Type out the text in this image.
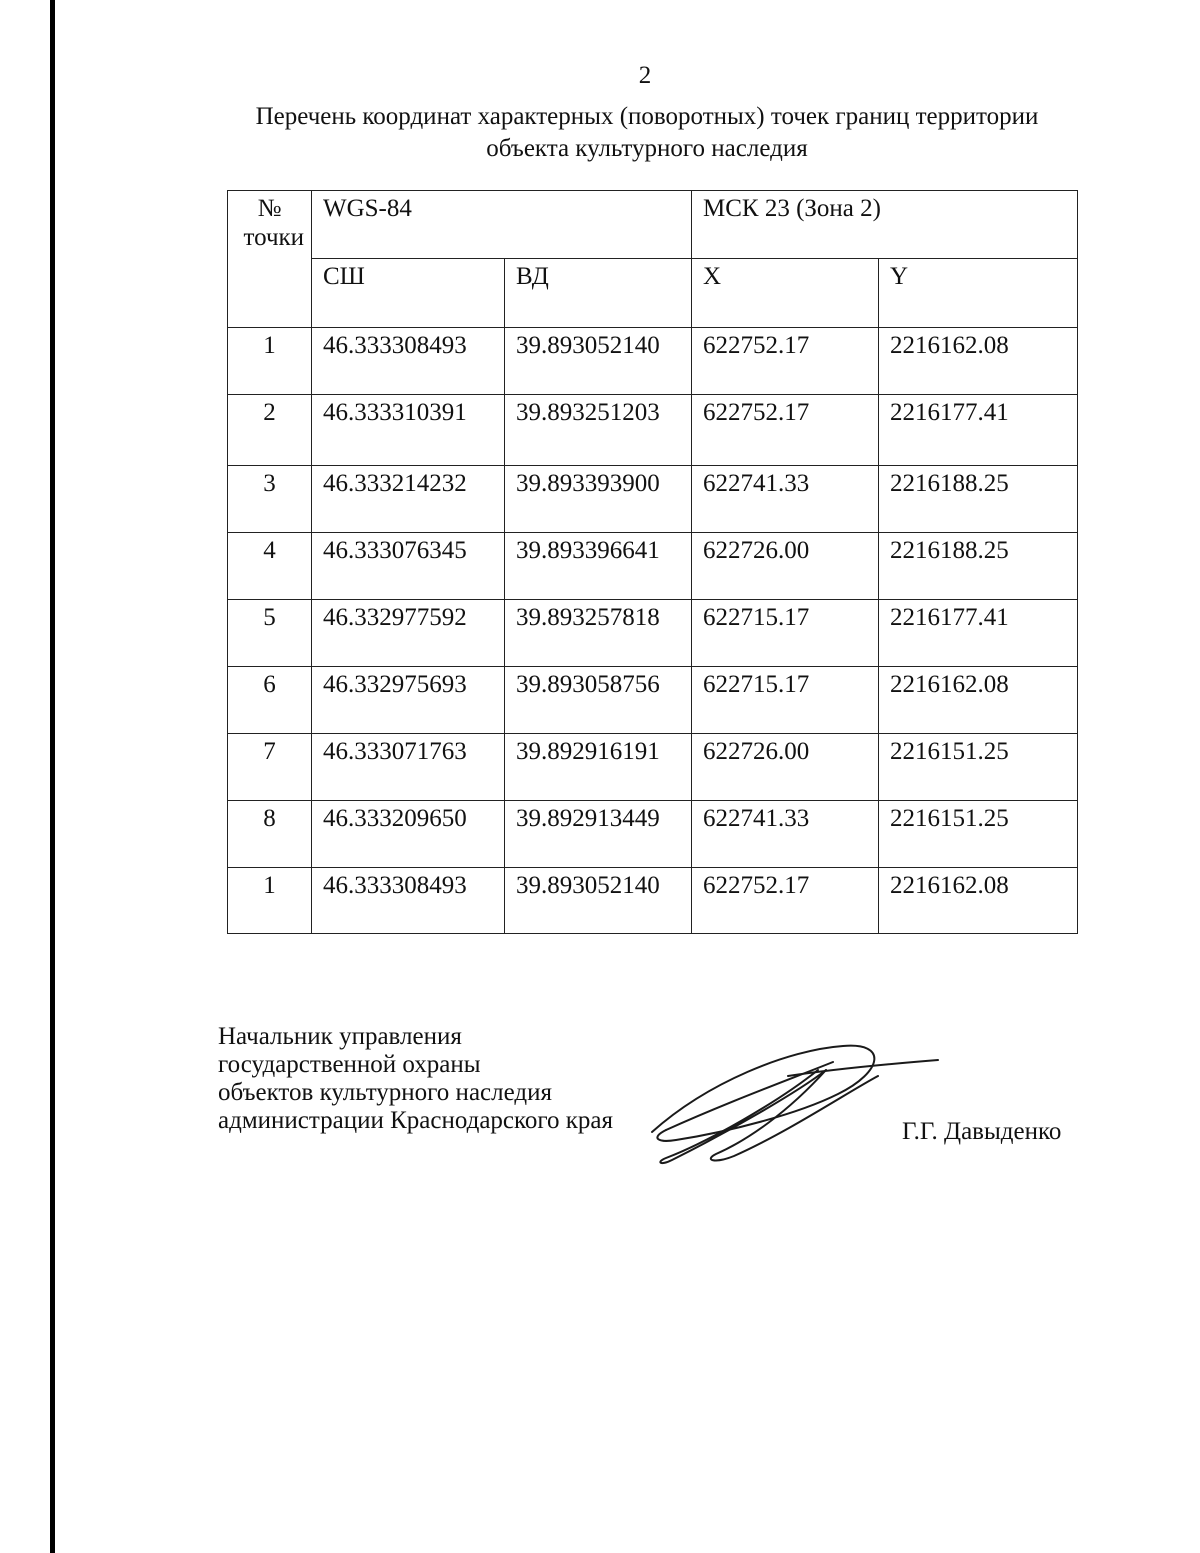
2
Перечень координат характерных (поворотных) точек границ территории
объекта культурного наследия
№ точки	WGS-84		МСК 23 (Зона 2)	
	СШ	ВД	X	Y
1	46.333308493	39.893052140	622752.17	2216162.08
2	46.333310391	39.893251203	622752.17	2216177.41
3	46.333214232	39.893393900	622741.33	2216188.25
4	46.333076345	39.893396641	622726.00	2216188.25
5	46.332977592	39.893257818	622715.17	2216177.41
6	46.332975693	39.893058756	622715.17	2216162.08
7	46.333071763	39.892916191	622726.00	2216151.25
8	46.333209650	39.892913449	622741.33	2216151.25
1	46.333308493	39.893052140	622752.17	2216162.08
Начальник управления
государственной охраны
объектов культурного наследия
администрации Краснодарского края	Г.Г. Давыденко
